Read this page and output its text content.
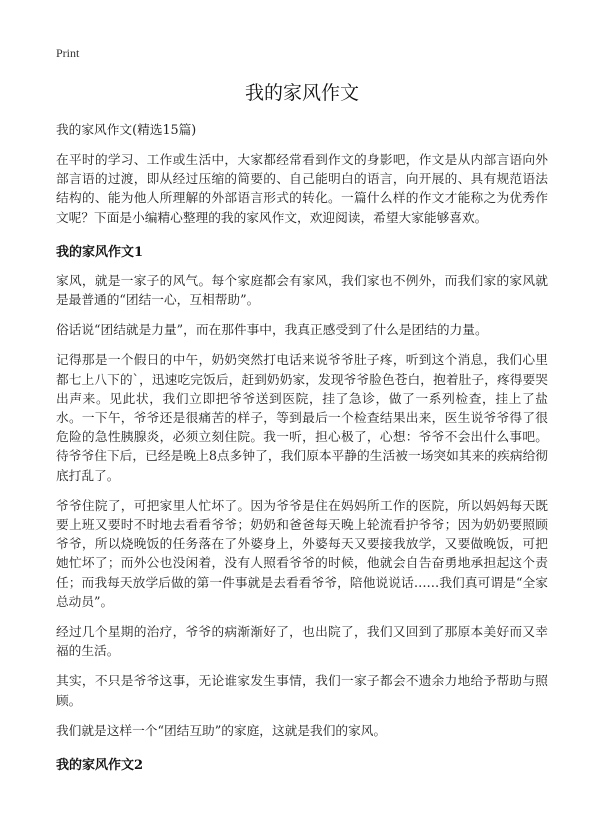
Print
我的家风作文

我的家风作文(精选15篇)

在平时的学习、工作或生活中，大家都经常看到作文的身影吧，作文是从内部言语向外部言语的过渡，即从经过压缩的简要的、自己能明白的语言，向开展的、具有规范语法结构的、能为他人所理解的外部语言形式的转化。一篇什么样的作文才能称之为优秀作文呢？下面是小编精心整理的我的家风作文，欢迎阅读，希望大家能够喜欢。

我的家风作文1

家风，就是一家子的风气。每个家庭都会有家风，我们家也不例外，而我们家的家风就是最普通的“团结一心，互相帮助”。

俗话说“团结就是力量”，而在那件事中，我真正感受到了什么是团结的力量。

记得那是一个假日的中午，奶奶突然打电话来说爷爷肚子疼，听到这个消息，我们心里都七上八下的`，迅速吃完饭后，赶到奶奶家，发现爷爷脸色苍白，抱着肚子，疼得要哭出声来。见此状，我们立即把爷爷送到医院，挂了急诊，做了一系列检查，挂上了盐水。一下午，爷爷还是很痛苦的样子，等到最后一个检查结果出来，医生说爷爷得了很危险的急性胰腺炎，必须立刻住院。我一听，担心极了，心想：爷爷不会出什么事吧。待爷爷住下后，已经是晚上8点多钟了，我们原本平静的生活被一场突如其来的疾病给彻底打乱了。

爷爷住院了，可把家里人忙坏了。因为爷爷是住在妈妈所工作的医院，所以妈妈每天既要上班又要时不时地去看看爷爷；奶奶和爸爸每天晚上轮流看护爷爷；因为奶奶要照顾爷爷，所以烧晚饭的任务落在了外婆身上，外婆每天又要接我放学，又要做晚饭，可把她忙坏了；而外公也没闲着，没有人照看爷爷的时候，他就会自告奋勇地承担起这个责任；而我每天放学后做的第一件事就是去看看爷爷，陪他说说话……我们真可谓是“全家总动员”。

经过几个星期的治疗，爷爷的病渐渐好了，也出院了，我们又回到了那原本美好而又幸福的生活。

其实，不只是爷爷这事，无论谁家发生事情，我们一家子都会不遗余力地给予帮助与照顾。

我们就是这样一个“团结互助”的家庭，这就是我们的家风。

我的家风作文2
